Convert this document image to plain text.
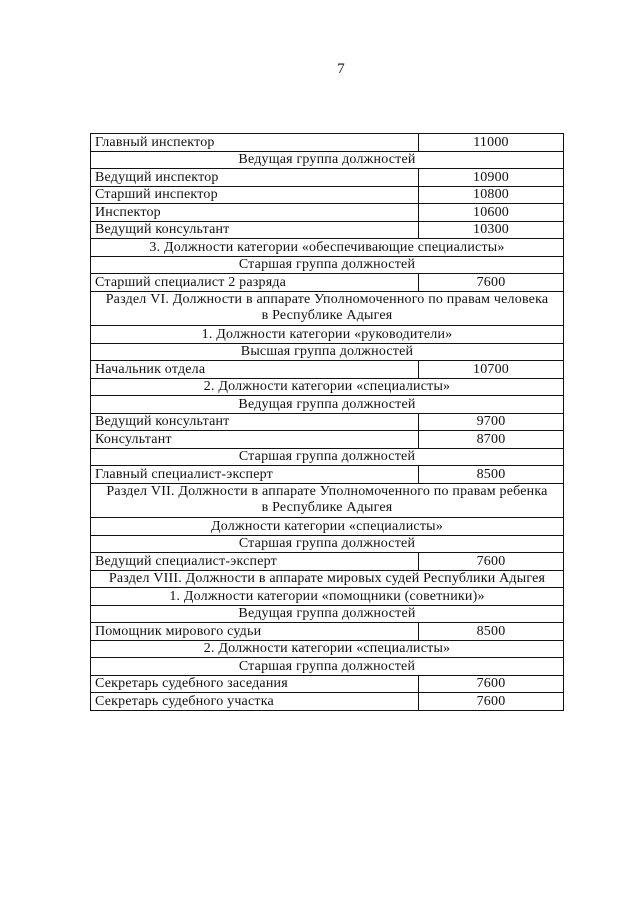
7
Главный инспектор	11000
Ведущая группа должностей	
Ведущий инспектор	10900
Старший инспектор	10800
Инспектор	10600
Ведущий консультант	10300
3. Должности категории «обеспечивающие специалисты»	
Старшая группа должностей	
Старший специалист 2 разряда	7600

Раздел VI. Должности в аппарате Уполномоченного по правам человека
в Республике Адыгея	

1. Должности категории «руководители»	
Высшая группа должностей	
Начальник отдела	10700
2. Должности категории «специалисты»	
Ведущая группа должностей	
Ведущий консультант	9700
Консультант	8700
Старшая группа должностей	
Главный специалист-эксперт	8500

Раздел VII. Должности в аппарате Уполномоченного по правам ребенка
в Республике Адыгея	

Должности категории «специалисты»	
Старшая группа должностей	
Ведущий специалист-эксперт	7600
Раздел VIII. Должности в аппарате мировых судей Республики Адыгея	
1. Должности категории «помощники (советники)»	
Ведущая группа должностей	
Помощник мирового судьи	8500
2. Должности категории «специалисты»	
Старшая группа должностей	
Секретарь судебного заседания	7600
Секретарь судебного участка	7600
